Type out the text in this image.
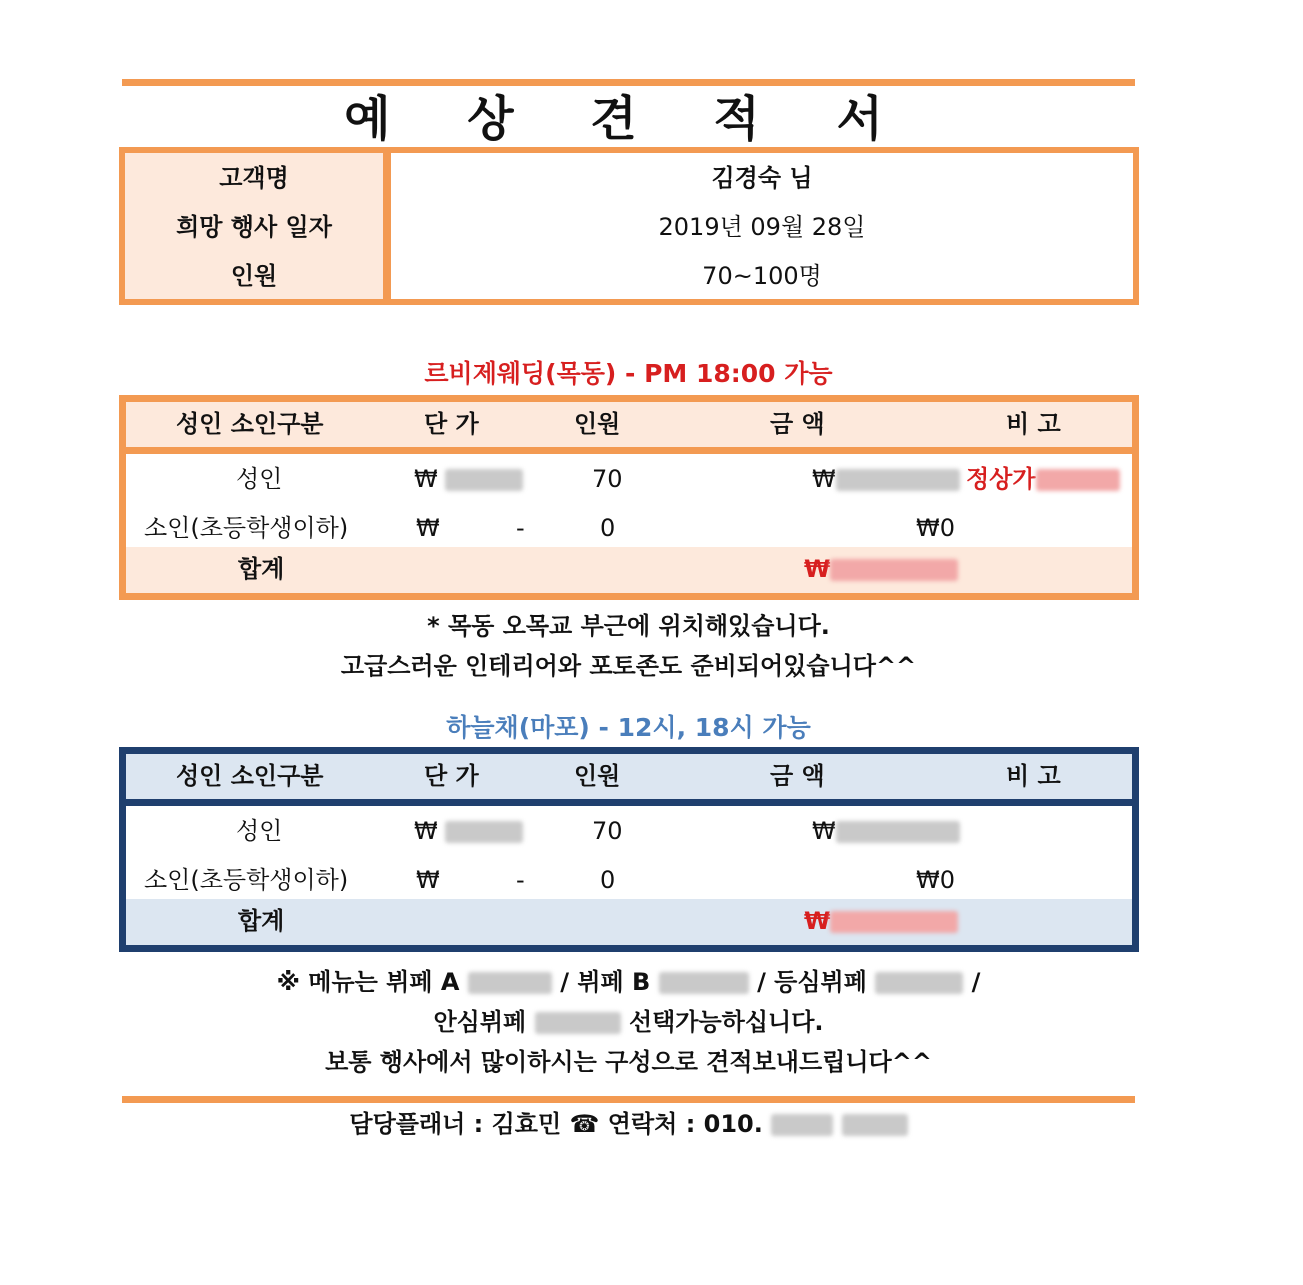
예 상 견 적 서
고객명	김경숙 님
희망 행사 일자	2019년 09월 28일
인원	70~100명
르비제웨딩(목동) - PM 18:00 가능
성인 소인구분	단 가	인원	금 액	비 고
성인	₩	70	₩	정상가
소인(초등학생이하)	₩	-	0	₩0
합계	₩
* 목동 오목교 부근에 위치해있습니다.
고급스러운 인테리어와 포토존도 준비되어있습니다^^
하늘채(마포) - 12시, 18시 가능
성인 소인구분	단 가	인원	금 액	비 고
성인	₩	70	₩
소인(초등학생이하)	₩	-	0	₩0
합계	₩
※ 메뉴는 뷔페 A	/ 뷔페 B	/ 등심뷔페	/
안심뷔페	선택가능하십니다.
보통 행사에서 많이하시는 구성으로 견적보내드립니다^^
담당플래너 : 김효민 ☎ 연락처 : 010.
